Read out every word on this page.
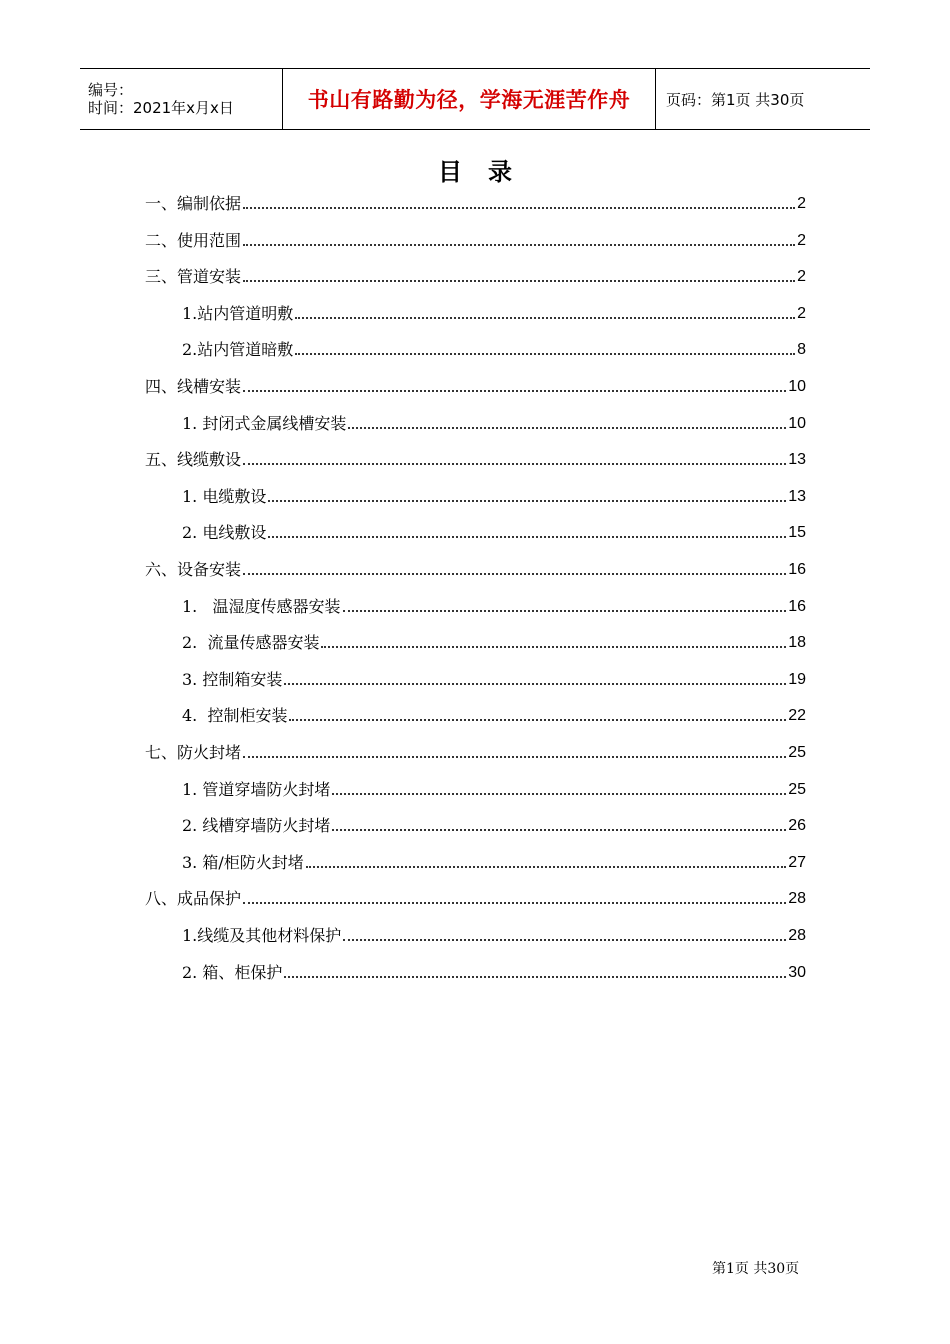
编号：
时间：2021年x月x日	书山有路勤为径，学海无涯苦作舟	页码：第1页 共30页
目录
一、编制依据	2
二、使用范围	2
三、管道安装	2
1.站内管道明敷	2
2.站内管道暗敷	8
四、线槽安装	10
1. 封闭式金属线槽安装	10
五、线缆敷设	13
1. 电缆敷设	13
2. 电线敷设	15
六、设备安装	16
1.   温湿度传感器安装	16
2.  流量传感器安装	18
3. 控制箱安装	19
4.  控制柜安装	22
七、防火封堵	25
1. 管道穿墙防火封堵	25
2. 线槽穿墙防火封堵	26
3. 箱/柜防火封堵	27
八、成品保护	28
1.线缆及其他材料保护	28
2. 箱、柜保护	30
第1页 共30页
